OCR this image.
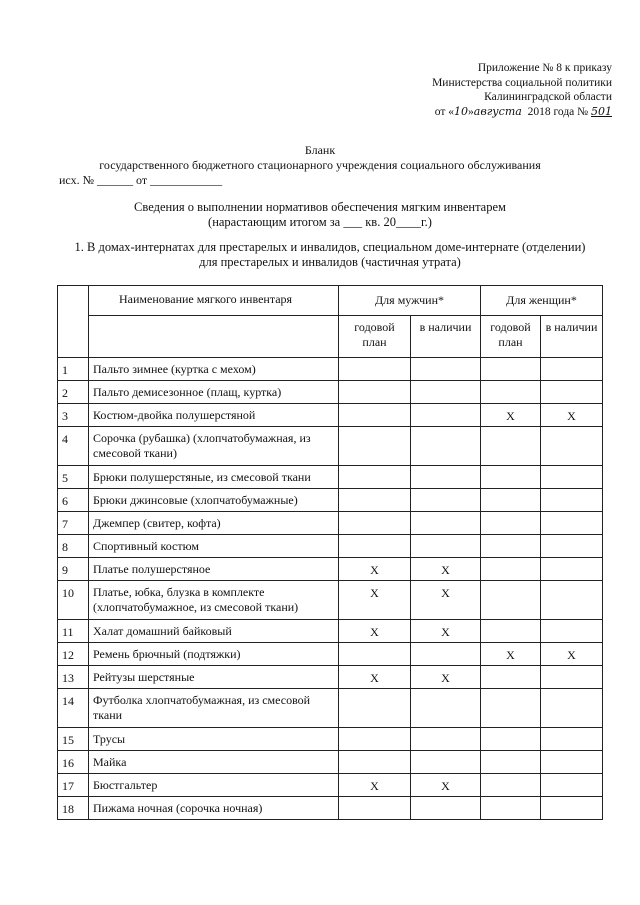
Приложение № 8 к приказу
Министерства социальной политики
Калининградской области
от «10»августа 2018 года № 501
Бланк
государственного бюджетного стационарного учреждения социального обслуживания
исх. № ______ от ____________
Сведения о выполнении нормативов обеспечения мягким инвентарем
(нарастающим итогом за ___ кв. 20____г.)
1. В домах-интернатах для престарелых и инвалидов, специальном доме-интернате (отделении)
для престарелых и инвалидов (частичная утрата)
	Наименование мягкого инвентаря	Для мужчин*		Для женщин*	
		годовой план	в наличии	годовой план	в наличии
1	Пальто зимнее (куртка с мехом)				
2	Пальто демисезонное (плащ, куртка)				
3	Костюм-двойка полушерстяной			X	X
4	Сорочка (рубашка) (хлопчатобумажная, из смесовой ткани)				
5	Брюки полушерстяные, из смесовой ткани				
6	Брюки джинсовые (хлопчатобумажные)				
7	Джемпер (свитер, кофта)				
8	Спортивный костюм				
9	Платье полушерстяное	X	X		
10	Платье, юбка, блузка в комплекте (хлопчатобумажное, из смесовой ткани)	X	X		
11	Халат домашний байковый	X	X		
12	Ремень брючный (подтяжки)			X	X
13	Рейтузы шерстяные	X	X		
14	Футболка хлопчатобумажная, из смесовой ткани				
15	Трусы				
16	Майка				
17	Бюстгальтер	X	X		
18	Пижама ночная (сорочка ночная)				
